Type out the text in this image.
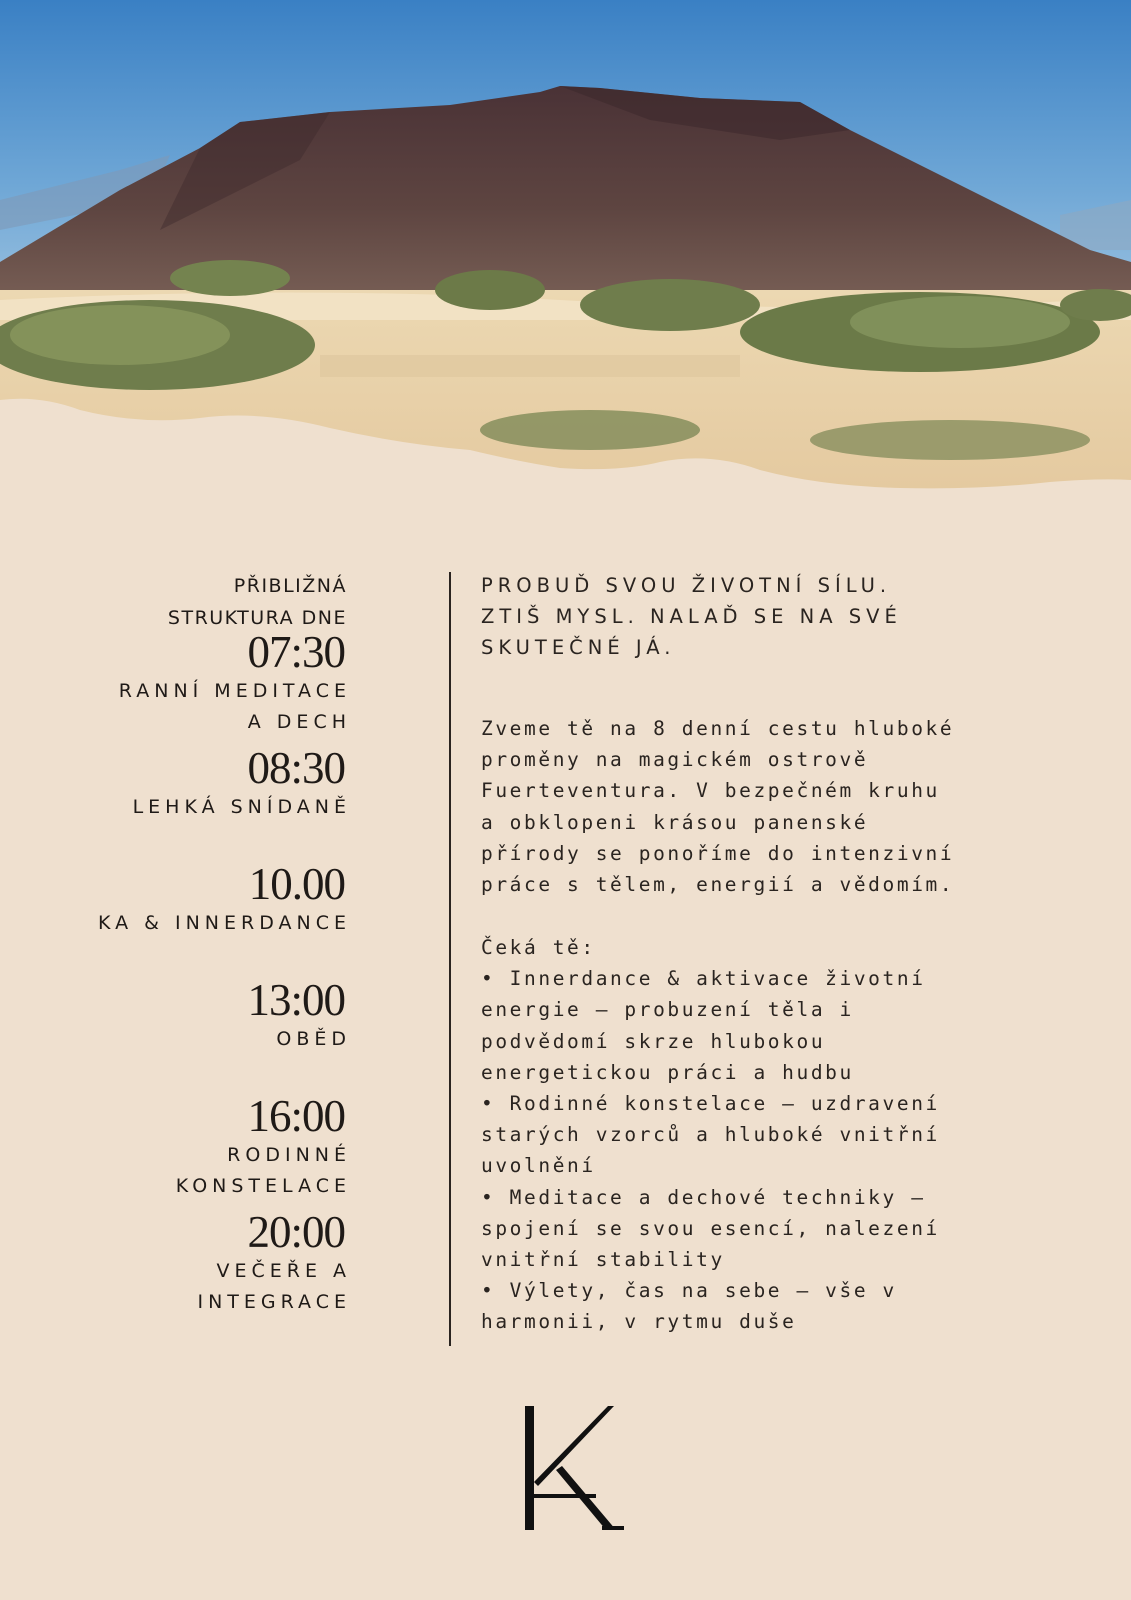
PŘIBLIŽNÁ
STRUKTURA DNE
07:30
RANNÍ MEDITACE
A DECH
08:30
LEHKÁ SNÍDANĚ
10.00
KA & INNERDANCE
13:00
OBĚD
16:00
RODINNÉ
KONSTELACE
20:00
VEČEŘE A
INTEGRACE

PROBUĎ SVOU ŽIVOTNÍ SÍLU.

ZTIŠ MYSL. NALAĎ SE NA SVÉ

SKUTEČNÉ JÁ.

Zveme tě na 8 denní cestu hluboké
proměny na magickém ostrově
Fuerteventura. V bezpečném kruhu
a obklopeni krásou panenské
přírody se ponoříme do intenzivní
práce s tělem, energií a vědomím.

Čeká tě:
• Innerdance & aktivace životní
energie — probuzení těla i
podvědomí skrze hlubokou
energetickou práci a hudbu
• Rodinné konstelace — uzdravení
starých vzorců a hluboké vnitřní
uvolnění
• Meditace a dechové techniky —
spojení se svou esencí, nalezení
vnitřní stability
• Výlety, čas na sebe — vše v
harmonii, v rytmu duše
